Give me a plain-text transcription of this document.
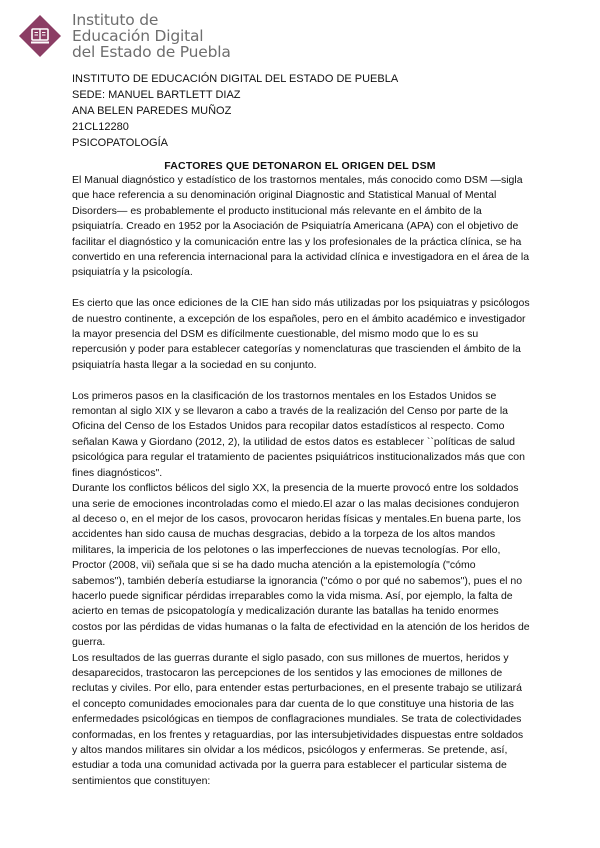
Instituto de
Educación Digital
del Estado de Puebla
INSTITUTO DE EDUCACIÓN DIGITAL DEL ESTADO DE PUEBLA
SEDE: MANUEL BARTLETT DIAZ
ANA BELEN PAREDES MUÑOZ
21CL12280
PSICOPATOLOGÍA
FACTORES QUE DETONARON EL ORIGEN DEL DSM

El Manual diagnóstico y estadístico de los trastornos mentales, más conocido como DSM —sigla que hace referencia a su denominación original Diagnostic and Statistical Manual of Mental Disorders— es probablemente el producto institucional más relevante en el ámbito de la psiquiatría. Creado en 1952 por la Asociación de Psiquiatría Americana (APA) con el objetivo de facilitar el diagnóstico y la comunicación entre las y los profesionales de la práctica clínica, se ha convertido en una referencia internacional para la actividad clínica e investigadora en el área de la psiquiatría y la psicología.

Es cierto que las once ediciones de la CIE han sido más utilizadas por los psiquiatras y psicólogos de nuestro continente, a excepción de los españoles, pero en el ámbito académico e investigador la mayor presencia del DSM es difícilmente cuestionable, del mismo modo que lo es su repercusión y poder para establecer categorías y nomenclaturas que trascienden el ámbito de la psiquiatría hasta llegar a la sociedad en su conjunto.

Los primeros pasos en la clasificación de los trastornos mentales en los Estados Unidos se remontan al siglo XIX y se llevaron a cabo a través de la realización del Censo por parte de la Oficina del Censo de los Estados Unidos para recopilar datos estadísticos al respecto. Como señalan Kawa y Giordano (2012, 2), la utilidad de estos datos es establecer ``políticas de salud psicológica para regular el tratamiento de pacientes psiquiátricos institucionalizados más que con fines diagnósticos".

Durante los conflictos bélicos del siglo XX, la presencia de la muerte provocó entre los soldados una serie de emociones incontroladas como el miedo.El azar o las malas decisiones condujeron al deceso o, en el mejor de los casos, provocaron heridas físicas y mentales.En buena parte, los accidentes han sido causa de muchas desgracias, debido a la torpeza de los altos mandos militares, la impericia de los pelotones o las imperfecciones de nuevas tecnologías. Por ello, Proctor (2008, vii) señala que si se ha dado mucha atención a la epistemología ("cómo sabemos"), también debería estudiarse la ignorancia ("cómo o por qué no sabemos"), pues el no hacerlo puede significar pérdidas irreparables como la vida misma. Así, por ejemplo, la falta de acierto en temas de psicopatología y medicalización durante las batallas ha tenido enormes costos por las pérdidas de vidas humanas o la falta de efectividad en la atención de los heridos de guerra.

Los resultados de las guerras durante el siglo pasado, con sus millones de muertos, heridos y desaparecidos, trastocaron las percepciones de los sentidos y las emociones de millones de reclutas y civiles. Por ello, para entender estas perturbaciones, en el presente trabajo se utilizará el concepto comunidades emocionales para dar cuenta de lo que constituye una historia de las enfermedades psicológicas en tiempos de conflagraciones mundiales. Se trata de colectividades conformadas, en los frentes y retaguardias, por las intersubjetividades dispuestas entre soldados y altos mandos militares sin olvidar a los médicos, psicólogos y enfermeras. Se pretende, así, estudiar a toda una comunidad activada por la guerra para establecer el particular sistema de sentimientos que constituyen:
